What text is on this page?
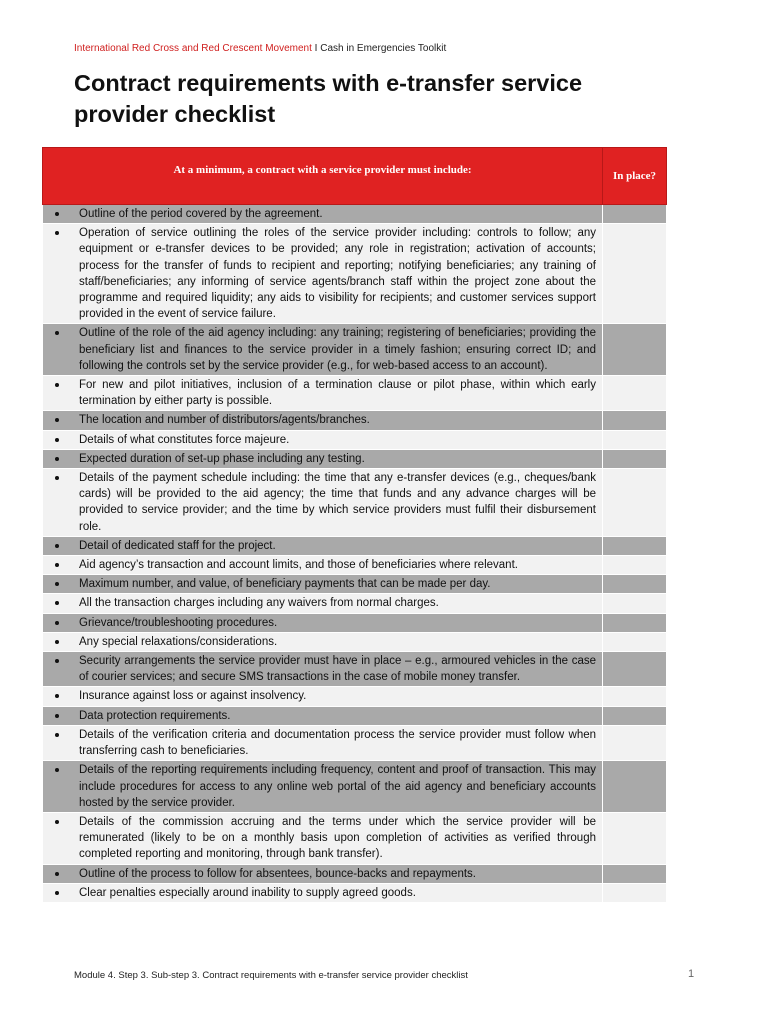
International Red Cross and Red Crescent Movement I Cash in Emergencies Toolkit
Contract requirements with e-transfer service provider checklist
At a minimum, a contract with a service provider must include:	In place?

Outline of the period covered by the agreement.	

Operation of service outlining the roles of the service provider including: controls to follow; any equipment or e-transfer devices to be provided; any role in registration; activation of accounts; process for the transfer of funds to recipient and reporting; notifying beneficiaries; any training of staff/beneficiaries; any informing of service agents/branch staff within the project zone about the programme and required liquidity; any aids to visibility for recipients; and customer services support provided in the event of service failure.	

Outline of the role of the aid agency including: any training; registering of beneficiaries; providing the beneficiary list and finances to the service provider in a timely fashion; ensuring correct ID; and following the controls set by the service provider (e.g., for web-based access to an account).	

For new and pilot initiatives, inclusion of a termination clause or pilot phase, within which early termination by either party is possible.	

The location and number of distributors/agents/branches.	

Details of what constitutes force majeure.	

Expected duration of set-up phase including any testing.	

Details of the payment schedule including: the time that any e-transfer devices (e.g., cheques/bank cards) will be provided to the aid agency; the time that funds and any advance charges will be provided to service provider; and the time by which service providers must fulfil their disbursement role.	

Detail of dedicated staff for the project.	

Aid agency’s transaction and account limits, and those of beneficiaries where relevant.	

Maximum number, and value, of beneficiary payments that can be made per day.	

All the transaction charges including any waivers from normal charges.	

Grievance/troubleshooting procedures.	

Any special relaxations/considerations.	

Security arrangements the service provider must have in place – e.g., armoured vehicles in the case of courier services; and secure SMS transactions in the case of mobile money transfer.	

Insurance against loss or against insolvency.	

Data protection requirements.	

Details of the verification criteria and documentation process the service provider must follow when transferring cash to beneficiaries.	

Details of the reporting requirements including frequency, content and proof of transaction. This may include procedures for access to any online web portal of the aid agency and beneficiary accounts hosted by the service provider.	

Details of the commission accruing and the terms under which the service provider will be remunerated (likely to be on a monthly basis upon completion of activities as verified through completed reporting and monitoring, through bank transfer).	

Outline of the process to follow for absentees, bounce-backs and repayments.	

Clear penalties especially around inability to supply agreed goods.	

Module 4. Step 3. Sub-step 3. Contract requirements with e-transfer service provider checklist	1
